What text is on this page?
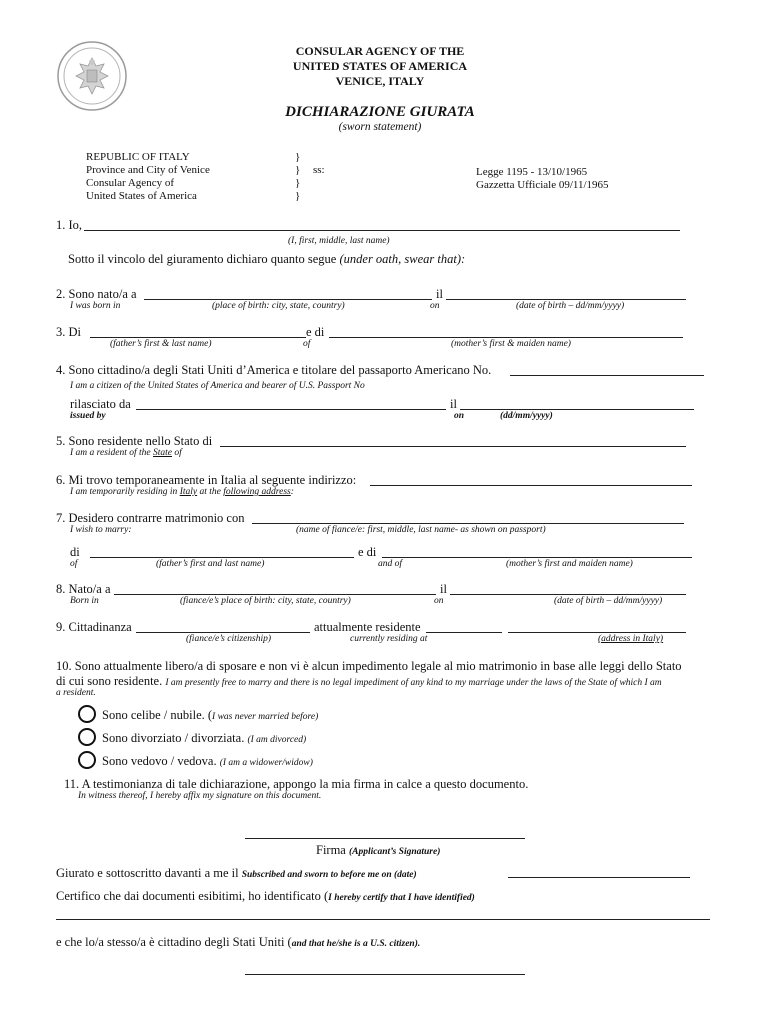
CONSULAR AGENCY OF THE
UNITED STATES OF AMERICA
VENICE, ITALY
DICHIARAZIONE GIURATA
(sworn statement)
REPUBLIC OF ITALY
Province and City of Venice
Consular Agency of
United States of America
}
}
}
}
ss:	Legge 1195 - 13/10/1965
Gazzetta Ufficiale 09/11/1965
1. Io,
(I, first, middle, last name)
Sotto il vincolo del giuramento dichiaro quanto segue (under oath, swear that):
2. Sono nato/a a	il
I was born in	(place of birth: city, state, country)	on	(date of birth – dd/mm/yyyy)
3. Di	e di
(father’s first & last name)	of	(mother’s first & maiden name)
4. Sono cittadino/a degli Stati Uniti d’America e titolare del passaporto Americano No.
I am a citizen of the United States of America and bearer of U.S. Passport No
rilasciato da	il
issued by	on	(dd/mm/yyyy)
5. Sono residente nello Stato di
I am a resident of the State of
6. Mi trovo temporaneamente in Italia al seguente indirizzo:
I am temporarily residing in Italy at the following address:
7. Desidero contrarre matrimonio con
I wish to marry:	(name of fiance/e: first, middle, last name- as shown on passport)
di	e di
of	(father’s first and last name)	and of	(mother’s first and maiden name)
8. Nato/a a	il
Born in	(fiance/e’s place of birth: city, state, country)	on	(date of birth – dd/mm/yyyy)
9. Cittadinanza	attualmente residente
(fiance/e’s citizenship)	currently residing at	(address in Italy)
10. Sono attualmente libero/a di sposare e non vi è alcun impedimento legale al mio matrimonio in base alle leggi dello Stato
di cui sono residente. I am presently free to marry and there is no legal impediment of any kind to my marriage under the laws of the State of which I am
a resident.
Sono celibe / nubile. (I was never married before)
Sono divorziato / divorziata. (I am divorced)
Sono vedovo / vedova. (I am a widower/widow)
11. A testimonianza di tale dichiarazione, appongo la mia firma in calce a questo documento.
In witness thereof, I hereby affix my signature on this document.
Firma (Applicant’s Signature)
Giurato e sottoscritto davanti a me il Subscribed and sworn to before me on (date)
Certifico che dai documenti esibitimi, ho identificato (I hereby certify that I have identified)
e che lo/a stesso/a è cittadino degli Stati Uniti (and that he/she is a U.S. citizen).
